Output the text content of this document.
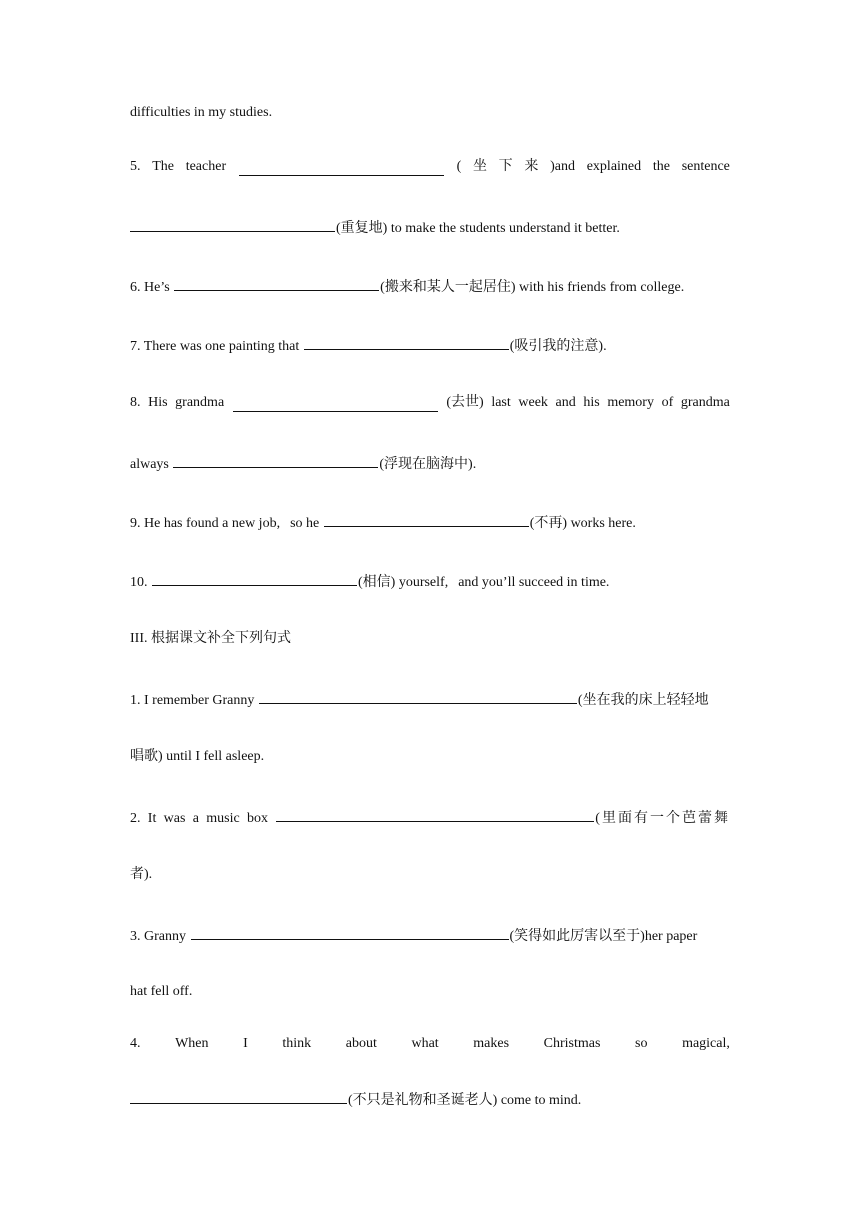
difficulties in my studies.
5. The teacher	( 坐 下 来 )and explained the sentence
(重复地) to make the students understand it better.
6. He’s	(搬来和某人一起居住) with his friends from college.
7. There was one painting that	(吸引我的注意).
8. His grandma	(去世) last week and his memory of grandma
always	(浮现在脑海中).
9. He has found a new job, so he	(不再) works here.
10.	(相信) yourself, and you’ll succeed in time.
III. 根据课文补全下列句式
1. I remember Granny	(坐在我的床上轻轻地
唱歌) until I fell asleep.
2. It was a music box	(里面有一个芭蕾舞
者).
3. Granny	(笑得如此厉害以至于)her paper
hat fell off.
4. When I think about what makes Christmas so magical,
(不只是礼物和圣诞老人) come to mind.
